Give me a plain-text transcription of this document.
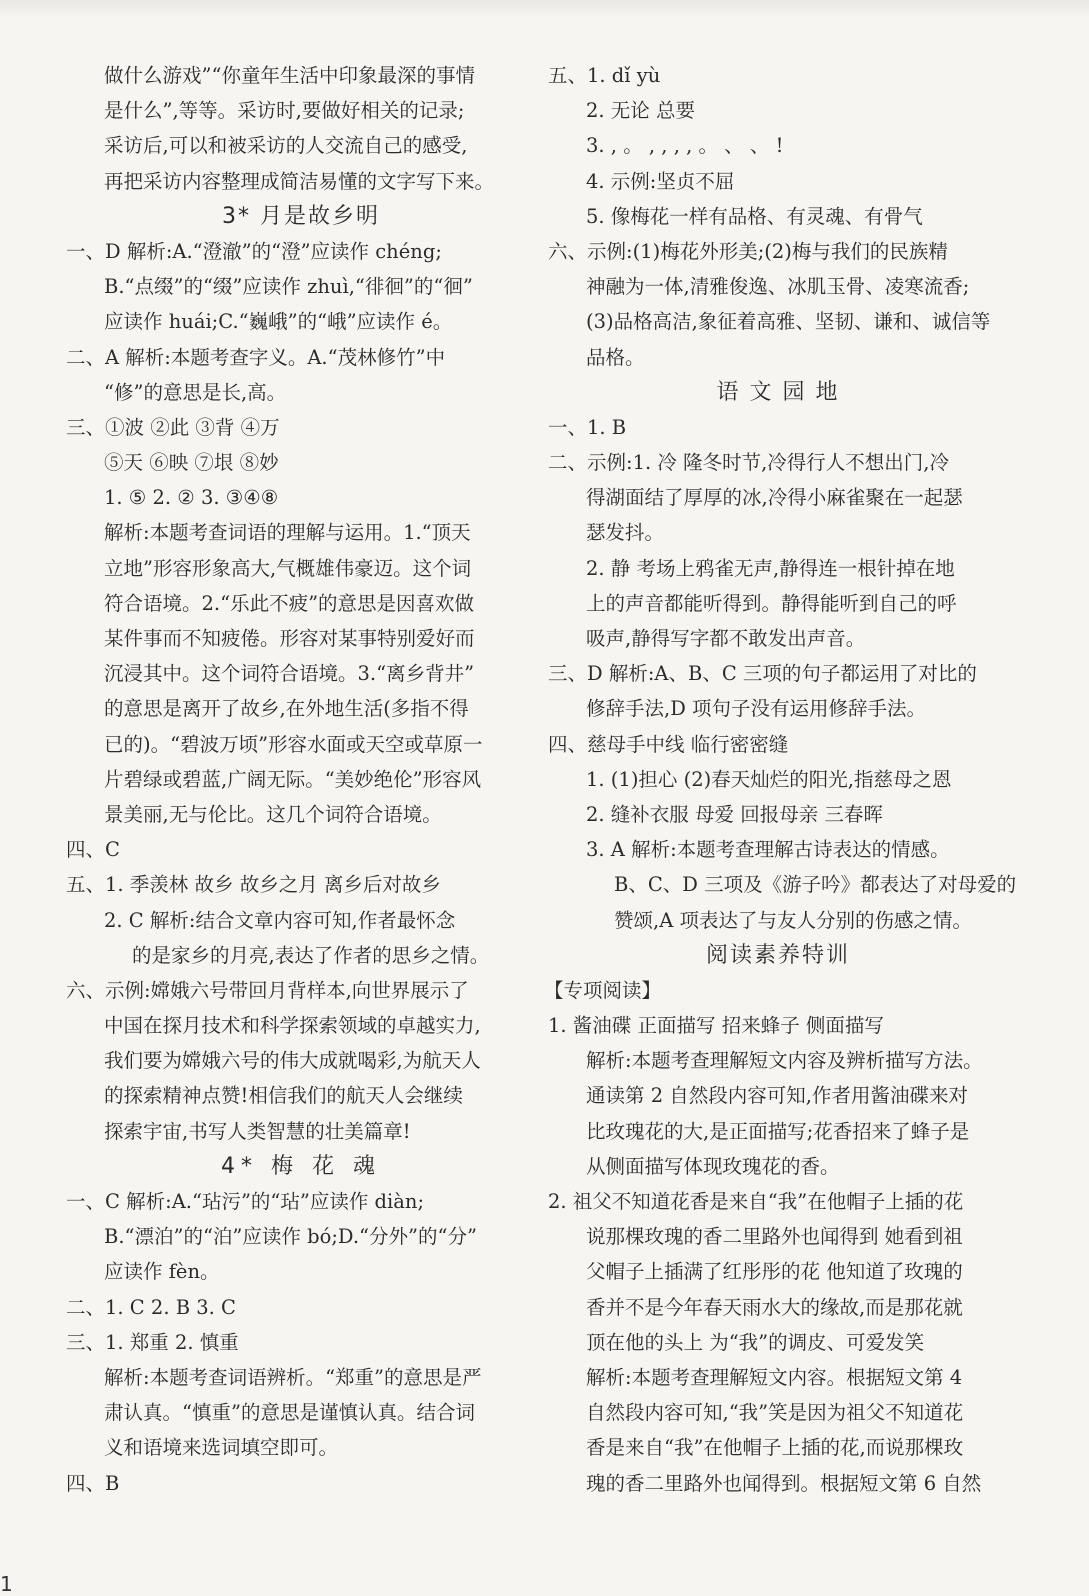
做什么游戏”“你童年生活中印象最深的事情
是什么”,等等。采访时,要做好相关的记录;
采访后,可以和被采访的人交流自己的感受,
再把采访内容整理成简洁易懂的文字写下来。
3* 月是故乡明
一、D 解析:A.“澄澈”的“澄”应读作 chéng;
B.“点缀”的“缀”应读作 zhuì,“徘徊”的“徊”
应读作 huái;C.“巍峨”的“峨”应读作 é。
二、A 解析:本题考查字义。A.“茂林修竹”中
“修”的意思是长,高。
三、①波 ②此 ③背 ④万
⑤天 ⑥映 ⑦垠 ⑧妙
1. ⑤ 2. ② 3. ③④⑧
解析:本题考查词语的理解与运用。1.“顶天
立地”形容形象高大,气概雄伟豪迈。这个词
符合语境。2.“乐此不疲”的意思是因喜欢做
某件事而不知疲倦。形容对某事特别爱好而
沉浸其中。这个词符合语境。3.“离乡背井”
的意思是离开了故乡,在外地生活(多指不得
已的)。“碧波万顷”形容水面或天空或草原一
片碧绿或碧蓝,广阔无际。“美妙绝伦”形容风
景美丽,无与伦比。这几个词符合语境。
四、C
五、1. 季羡林 故乡 故乡之月 离乡后对故乡
2. C 解析:结合文章内容可知,作者最怀念
的是家乡的月亮,表达了作者的思乡之情。
六、示例:嫦娥六号带回月背样本,向世界展示了
中国在探月技术和科学探索领域的卓越实力,
我们要为嫦娥六号的伟大成就喝彩,为航天人
的探索精神点赞!相信我们的航天人会继续
探索宇宙,书写人类智慧的壮美篇章!
4* 梅 花 魂
一、C 解析:A.“玷污”的“玷”应读作 diàn;
B.“漂泊”的“泊”应读作 bó;D.“分外”的“分”
应读作 fèn。
二、1. C 2. B 3. C
三、1. 郑重 2. 慎重
解析:本题考查词语辨析。“郑重”的意思是严
肃认真。“慎重”的意思是谨慎认真。结合词
义和语境来选词填空即可。
四、B
五、1. dǐ yù
2. 无论 总要
3. , 。 , , , , 。 、 、 !
4. 示例:坚贞不屈
5. 像梅花一样有品格、有灵魂、有骨气
六、示例:(1)梅花外形美;(2)梅与我们的民族精
神融为一体,清雅俊逸、冰肌玉骨、凌寒流香;
(3)品格高洁,象征着高雅、坚韧、谦和、诚信等
品格。
语 文 园 地
一、1. B
二、示例:1. 冷 隆冬时节,冷得行人不想出门,冷
得湖面结了厚厚的冰,冷得小麻雀聚在一起瑟
瑟发抖。
2. 静 考场上鸦雀无声,静得连一根针掉在地
上的声音都能听得到。静得能听到自己的呼
吸声,静得写字都不敢发出声音。
三、D 解析:A、B、C 三项的句子都运用了对比的
修辞手法,D 项句子没有运用修辞手法。
四、慈母手中线 临行密密缝
1. (1)担心 (2)春天灿烂的阳光,指慈母之恩
2. 缝补衣服 母爱 回报母亲 三春晖
3. A 解析:本题考查理解古诗表达的情感。
B、C、D 三项及《游子吟》都表达了对母爱的
赞颂,A 项表达了与友人分别的伤感之情。
阅读素养特训
【专项阅读】
1. 酱油碟 正面描写 招来蜂子 侧面描写
解析:本题考查理解短文内容及辨析描写方法。
通读第 2 自然段内容可知,作者用酱油碟来对
比玫瑰花的大,是正面描写;花香招来了蜂子是
从侧面描写体现玫瑰花的香。
2. 祖父不知道花香是来自“我”在他帽子上插的花
说那棵玫瑰的香二里路外也闻得到 她看到祖
父帽子上插满了红彤彤的花 他知道了玫瑰的
香并不是今年春天雨水大的缘故,而是那花就
顶在他的头上 为“我”的调皮、可爱发笑
解析:本题考查理解短文内容。根据短文第 4
自然段内容可知,“我”笑是因为祖父不知道花
香是来自“我”在他帽子上插的花,而说那棵玫
瑰的香二里路外也闻得到。根据短文第 6 自然
1
